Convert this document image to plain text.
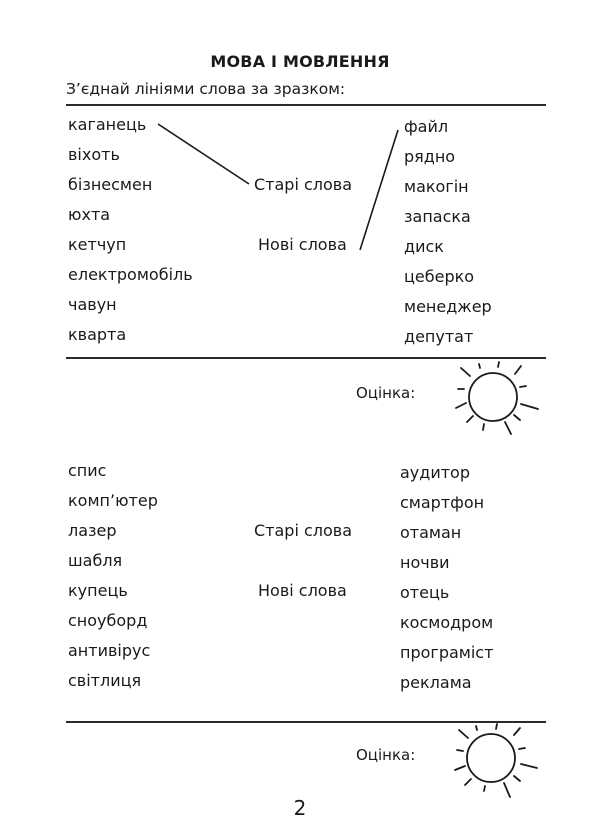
МОВА І МОВЛЕННЯ
З’єднай лініями слова за зразком:
каганець
віхоть
бізнесмен
юхта
кетчуп
електромобіль
чавун
кварта
Старі слова
Нові слова
файл
рядно
макогін
запаска
диск
цеберко
менеджер
депутат
Оцінка:
спис
комп’ютер
лазер
шабля
купець
сноуборд
антивірус
світлиця
Старі слова
Нові слова
аудитор
смартфон
отаман
ночви
отець
космодром
програміст
реклама
Оцінка:
2
